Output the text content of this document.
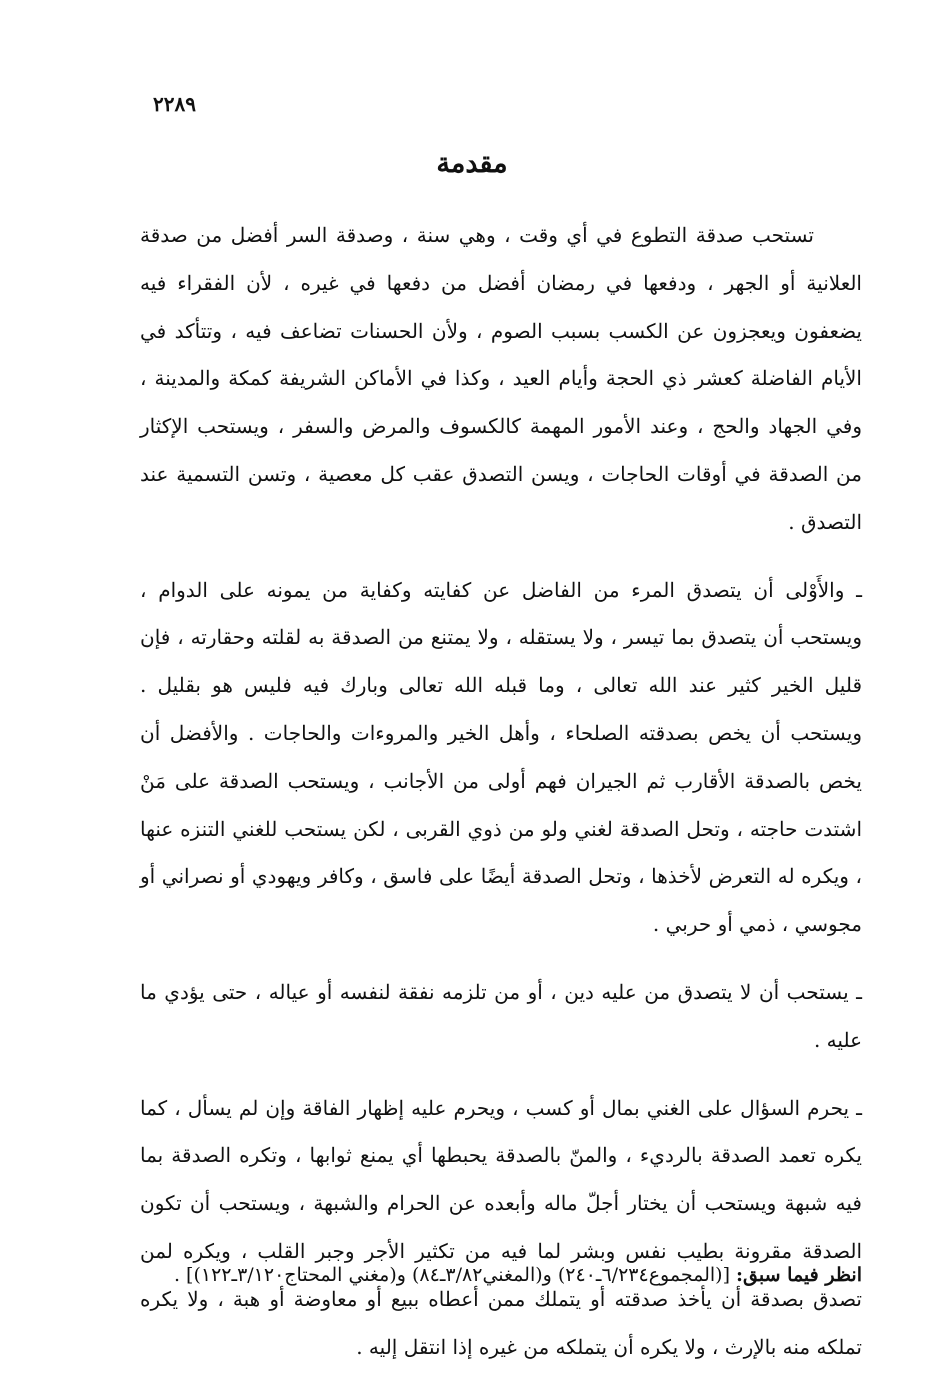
٢٢٨٩
مقدمة

تستحب صدقة التطوع في أي وقت ، وهي سنة ، وصدقة السر أفضل من صدقة العلانية أو الجهر ، ودفعها في رمضان أفضل من دفعها في غيره ، لأن الفقراء فيه يضعفون ويعجزون عن الكسب بسبب الصوم ، ولأن الحسنات تضاعف فيه ، وتتأكد في الأيام الفاضلة كعشر ذي الحجة وأيام العيد ، وكذا في الأماكن الشريفة كمكة والمدينة ، وفي الجهاد والحج ، وعند الأمور المهمة كالكسوف والمرض والسفر ، ويستحب الإكثار من الصدقة في أوقات الحاجات ، ويسن التصدق عقب كل معصية ، وتسن التسمية عند التصدق .

ـ والأَوْلى أن يتصدق المرء من الفاضل عن كفايته وكفاية من يمونه على الدوام ، ويستحب أن يتصدق بما تيسر ، ولا يستقله ، ولا يمتنع من الصدقة به لقلته وحقارته ، فإن قليل الخير كثير عند الله تعالى ، وما قبله الله تعالى وبارك فيه فليس هو بقليل . ويستحب أن يخص بصدقته الصلحاء ، وأهل الخير والمروءات والحاجات . والأفضل أن يخص بالصدقة الأقارب ثم الجيران فهم أولى من الأجانب ، ويستحب الصدقة على مَنْ اشتدت حاجته ، وتحل الصدقة لغني ولو من ذوي القربى ، لكن يستحب للغني التنزه عنها ، ويكره له التعرض لأخذها ، وتحل الصدقة أيضًا على فاسق ، وكافر ويهودي أو نصراني أو مجوسي ، ذمي أو حربي .

ـ يستحب أن لا يتصدق من عليه دين ، أو من تلزمه نفقة لنفسه أو عياله ، حتى يؤدي ما عليه .

ـ يحرم السؤال على الغني بمال أو كسب ، ويحرم عليه إظهار الفاقة وإن لم يسأل ، كما يكره تعمد الصدقة بالرديء ، والمنّ بالصدقة يحبطها أي يمنع ثوابها ، وتكره الصدقة بما فيه شبهة ويستحب أن يختار أجلّ ماله وأبعده عن الحرام والشبهة ، ويستحب أن تكون الصدقة مقرونة بطيب نفس وبشر لما فيه من تكثير الأجر وجبر القلب ، ويكره لمن تصدق بصدقة أن يأخذ صدقته أو يتملك ممن أعطاه ببيع أو معاوضة أو هبة ، ولا يكره تملكه منه بالإرث ، ولا يكره أن يتملكه من غيره إذا انتقل إليه .

انظر فيما سبق: [(المجموع٦/٢٣٤ـ٢٤٠) و(المغني٣/٨٢ـ٨٤) و(مغني المحتاج٣/١٢٠ـ١٢٢)] .
